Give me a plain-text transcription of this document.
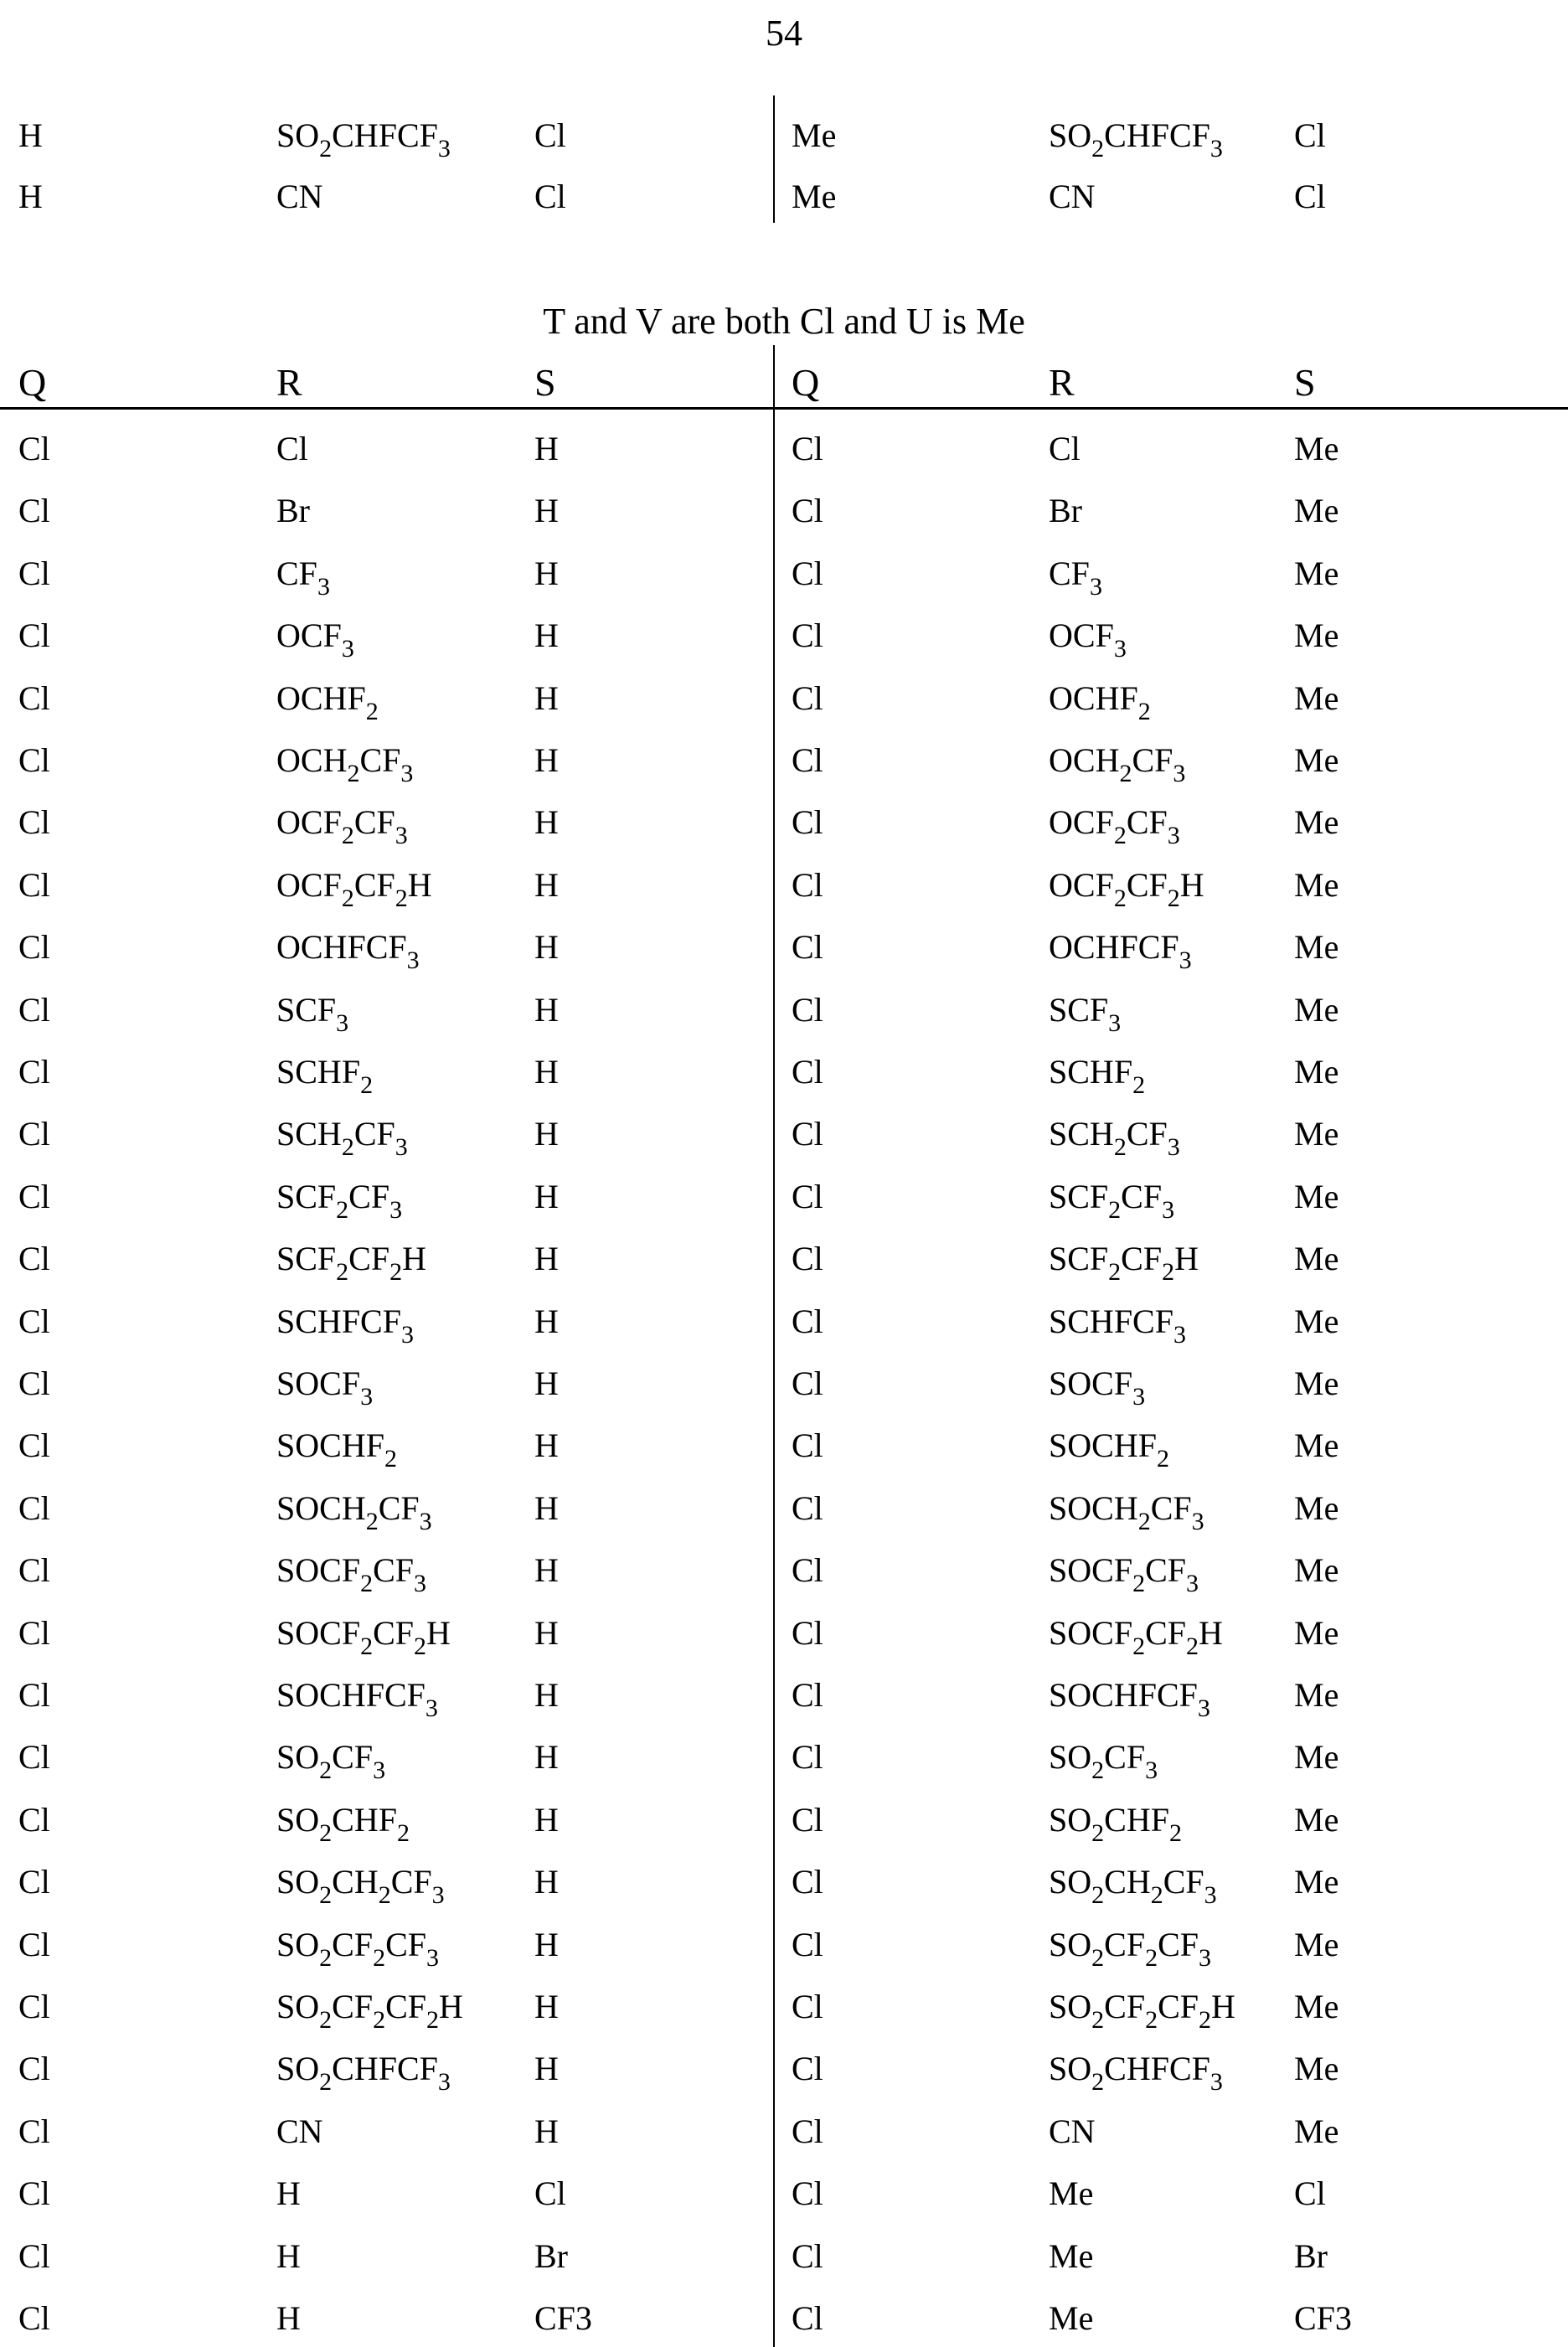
54
H	$SO_2CHFCF_3$	Cl	Me	$SO_2CHFCF_3$ Cl
H	CN	Cl	Me	CN	Cl
T and V are both Cl and U is Me
Q	R	S	Q	R	S
Cl	Cl	H	Cl	Cl	Me
Cl	Br	H	Cl	Br	Me
Cl	$CF_3$	H	Cl	$CF_3$	Me
Cl	$OCF_3$	H	Cl	$OCF_3$	Me
Cl	$OCHF_2$	H	Cl	$OCHF_2$	Me
Cl	$OCH_2CF_3$	H	Cl	$OCH_2CF_3$	Me
Cl	$OCF_2CF_3$	H	Cl	$OCF_2CF_3$	Me
Cl	$OCF_2CF_2H$	H	Cl	$OCF_2CF_2H$	Me
Cl	$OCHFCF_3$	H	Cl	$OCHFCF_3$	Me
Cl	$SCF_3$	H	Cl	$SCF_3$	Me
Cl	$SCHF_2$	H	Cl	$SCHF_2$	Me
Cl	$SCH_2CF_3$	H	Cl	$SCH_2CF_3$	Me
Cl	$SCF_2CF_3$	H	Cl	$SCF_2CF_3$	Me
Cl	$SCF_2CF_2H$	H	Cl	$SCF_2CF_2H$	Me
Cl	$SCHFCF_3$	H	Cl	$SCHFCF_3$	Me
Cl	$SOCF_3$	H	Cl	$SOCF_3$	Me
Cl	$SOCHF_2$	H	Cl	$SOCHF_2$	Me
Cl	$SOCH_2CF_3$	H	Cl	$SOCH_2CF_3$	Me
Cl	$SOCF_2CF_3$	H	Cl	$SOCF_2CF_3$	Me
Cl	$SOCF_2CF_2H$	H	Cl	$SOCF_2CF_2H$ Me
Cl	$SOCHFCF_3$	H	Cl	$SOCHFCF_3$	Me
Cl	$SO_2CF_3$	H	Cl	$SO_2CF_3$	Me
Cl	$SO_2CHF_2$	H	Cl	$SO_2CHF_2$	Me
Cl	$SO_2CH_2CF_3$	H	Cl	$SO_2CH_2CF_3$ Me
Cl	$SO_2CF_2CF_3$	H	Cl	$SO_2CF_2CF_3$ Me
Cl	$SO_2CF_2CF_2H$ H	Cl	$SO_2CF_2CF_2H$ Me
Cl	$SO_2CHFCF_3$	H	Cl	$SO_2CHFCF_3$ Me
Cl	CN	H	Cl	CN	Me
Cl	H	Cl	Cl	Me	Cl
Cl	H	Br	Cl	Me	Br
Cl	H	CF3	Cl	Me	CF3
